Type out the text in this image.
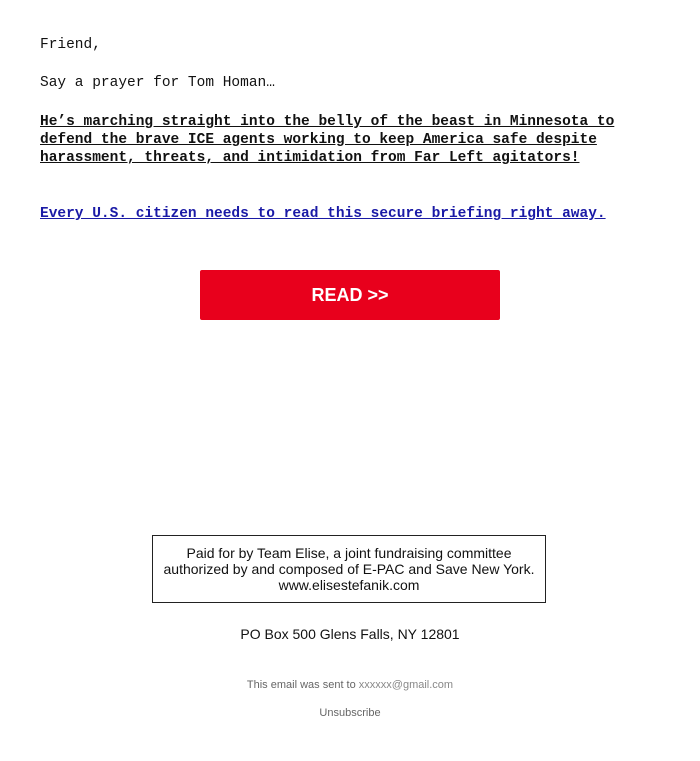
Friend,
Say a prayer for Tom Homan…
He’s marching straight into the belly of the beast in Minnesota to defend the brave ICE agents working to keep America safe despite harassment, threats, and intimidation from Far Left agitators!
Every U.S. citizen needs to read this secure briefing right away.
READ >>
Paid for by Team Elise, a joint fundraising committee
authorized by and composed of E-PAC and Save New York.
www.elisestefanik.com
PO Box 500 Glens Falls, NY 12801
This email was sent to xxxxxx@gmail.com
Unsubscribe
